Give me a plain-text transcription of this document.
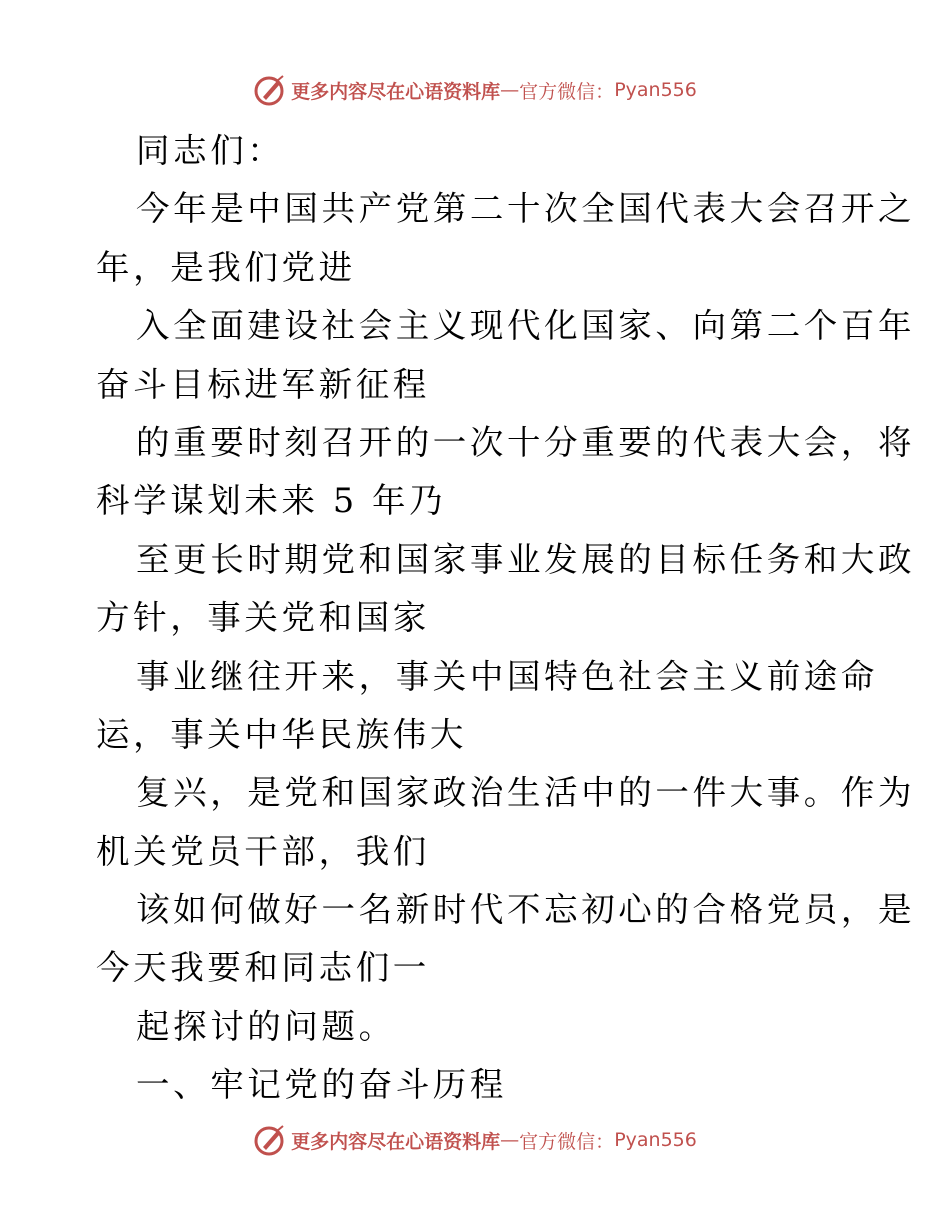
更多内容尽在心语资料库 — 官方微信： Pyan556

同志们：

今年是中国共产党第二十次全国代表大会召开之

年，是我们党进

入全面建设社会主义现代化国家、向第二个百年

奋斗目标进军新征程

的重要时刻召开的一次十分重要的代表大会，将

科学谋划未来 5 年乃

至更长时期党和国家事业发展的目标任务和大政

方针，事关党和国家

事业继往开来，事关中国特色社会主义前途命

运，事关中华民族伟大

复兴，是党和国家政治生活中的一件大事。作为

机关党员干部，我们

该如何做好一名新时代不忘初心的合格党员，是

今天我要和同志们一

起探讨的问题。

一、牢记党的奋斗历程

更多内容尽在心语资料库 — 官方微信： Pyan556
